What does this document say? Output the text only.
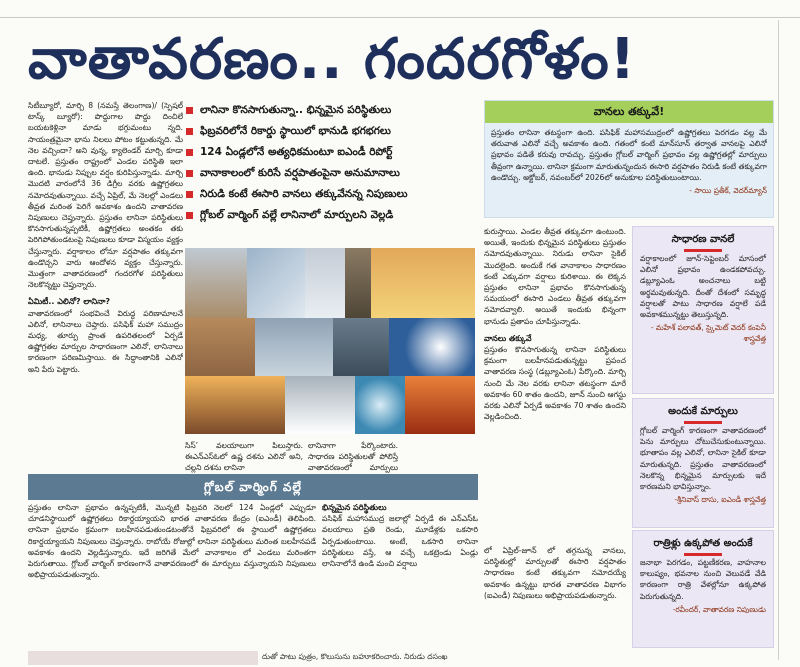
వాతావరణం.. గందరగోళం!
సిటీబ్యూరో, మార్చి 8 (నమస్తే తెలంగాణ)/ (స్పెషల్ టాస్క్ బ్యూరో): పొద్దుగాల పొద్దు దించిలే బయటకెళ్లినా మాడు భగ్గుమంటు న్నది. సాయంత్రమైనా భాను నిలలు పోటం కట్టుతున్నది. మే నెల వచ్చిందా? అని వున్న, క్యాలెండర్ మార్చి కూడా దాటలే. ప్రస్తుతం రాష్ట్రంలో ఎండల పరిస్థితి ఇలా ఉంది. భానుడు నిప్పుల వర్షం కురిపిస్తున్నాడు. మార్చి మొదటి వారంలోనే 36 డిగ్రీల వరకు ఉష్ణోగ్రతలు నమోదవుతున్నాయి. వచ్చే ఏప్రిల్, మే నెలల్లో ఎండలు తీవ్రత మరింత పెరిగే అవకాశం ఉందని వాతావరణ నిపుణులు చెప్తున్నారు. ప్రస్తుతం లానినా పరిస్థితులు కొనసాగుతున్నప్పటికీ, ఉష్ణోగ్రతలు అంతకం తకు పెరిగిపోతుండటంపై నిపుణులు కూడా విస్మయం వ్యక్తం చేస్తున్నారు. వర్షాకాలం లోనూ వర్షపాతం తక్కువగా ఉండొచ్చని వారు ఆందోళన వ్యక్తం చేస్తున్నారు. మొత్తంగా వాతావరణంలో గందరగోళ పరిస్థితులు నెలకొన్నట్టు చెప్తున్నారు.
ఏమిటీ.. ఎలినో? లానినా?
వాతావరణంలో సంభవించే విరుద్ధ పరిణామాలనే ఎలినో, లానినాలు చెప్తారు. పసిఫిక్ మహా సముద్రం మధ్య, తూర్పు ప్రాంత ఉపరితలంలో ఏర్పడే ఉష్ణోగ్రతల మార్పుల సాధారణంగా ఎలినో, లానినాలు కారణంగా పరిణమిస్తాయి. ఈ సిద్ధాంతానికి ఎలినో అని పేరు పెట్టారు.
లానినా కొనసాగుతున్నా.. భిన్నమైన పరిస్థితులు
ఫిబ్రవరిలోనే రికార్డు స్థాయిలో భానుడి భగభగలు
124 ఏండ్లలోనే అత్యధికమంటూ ఐఎండీ రిపోర్ట్
వానాకాలంలో కురిసే వర్షపాతంపైనా అనుమానాలు
నిరుడి కంటే ఈసారి వానలు తక్కువేనన్న నిపుణులు
గ్లోబల్ వార్మింగ్ వల్లే లానినాలో మార్పులని వెల్లడి
సిస్’ వలయాలుగా పిలుస్తారు. ఈఎన్ఎస్ఓలో ఉష్ణ దశను ఎలినో అని, చల్లని దశను లానినా
లానినాగా పేర్కొంటారు. సాధారణ పరిస్థితులతో పోలిస్తే వాతావరణంలో మార్పులు
వానలు తక్కువే!
ప్రస్తుతం లానినా తటస్థంగా ఉంది. పసిఫిక్ మహాసముద్రంలో ఉష్ణోగ్రతలు పెరగడం వల్ల మే తరువాత ఎలినో వచ్చే అవకాశం ఉంది. గతంలో కంటే మాన్‌సూన్ తర్వాత వానలపై ఎలినో ప్రభావం పడితే కరువు రావచ్చు. ప్రస్తుతం గ్లోబల్ వార్మింగ్ ప్రభావం వల్ల ఉష్ణోగ్రతల్లో మార్పులు తీవ్రంగా ఉన్నాయి. లానినా క్రమంగా మారుతున్నందున ఈసారి వర్షపాతం నిరుడి కంటే తక్కువగా ఉండొచ్చు. అక్టోబర్, నవంబర్‌లో 2026లో అనుకూల పరిస్థితులుంటాయి.
- సాయి ప్రతీక్, వెదర్‌మ్యాన్
కురుస్తాయి. ఎండల తీవ్రత తక్కువగా ఉంటుంది. అయితే, ఇందుకు భిన్నమైన పరిస్థితులు ప్రస్తుతం నమోదవుతున్నాయి. నిరుడు లానినా సైకిల్ మొదలైంది. అందుకే గత వానాకాలం సాధారణం కంటే ఎక్కువగా వర్షాలు కురిశాయి. ఈ లెక్కన ప్రస్తుతం లానినా ప్రభావం కొనసాగుతున్న సమయంలో ఈసారి ఎండలు తీవ్రత తక్కువగా నమోదవ్వాలి. అయితే ఇందుకు భిన్నంగా భానుడు ప్రతాపం చూపిస్తున్నాడు.
వానలు తక్కువే
ప్రస్తుతం కొనసాగుతున్న లానినా పరిస్థితులు క్రమంగా బలహీనపడుతున్నట్టు ప్రపంచ వాతావరణ సంస్థ (డబ్ల్యూఎంఓ) పేర్కొంది. మార్చి నుంచి మే నెల వరకు లానినా తటస్థంగా మారే అవకాశం 60 శాతం ఉందని, జూన్ నుంచి ఆగస్టు వరకు ఎలినో ఏర్పడే అవకాశం 70 శాతం ఉందని వెల్లడించింది.
లో ఏప్రిల్-జూన్ లో తగ్గనున్న వానలు, పరిస్థితుల్లో మార్పులతో ఈసారి వర్షపాతం సాధారణం కంటే తక్కువగా నమోదయ్యే అవకాశం ఉన్నట్టు భారత వాతావరణ విభాగం (ఐఎండీ) నిపుణులు అభిప్రాయపడుతున్నారు.
సాధారణ వానలే
వర్షాకాలంలో జూన్-సెప్టెంబర్ మాసంలో ఎలినో ప్రభావం ఉండకపోవచ్చు. డబ్ల్యూఎంఓ అంచనాలు బట్టి అర్థమవుతున్నది. దీంతో దేశంలో సమృద్ధ వర్షాలతో పాటు సాధారణ వర్షాలే పడే అవకాశమున్నట్టు తెలుస్తున్నది.
- మహేశ్ పలావత్, స్కైమెట్ వెదర్ కంపెనీ శాస్త్రవేత్త
అందుకే మార్పులు
గ్లోబల్ వార్మింగ్ కారణంగా వాతావరణంలో పెను మార్పులు చోటుచేసుకుంటున్నాయి. భూతాపం వల్ల ఎలినో, లానినా సైకిల్ కూడా మారుతున్నది. ప్రస్తుతం వాతావరణంలో నెలకొన్న భిన్నమైన మార్పులకు ఇదే కారణమని భావిస్తున్నాం.
-శ్రీనివాస్ దాసు, ఐఎండీ శాస్త్రవేత్త
రాత్రిళ్లు ఉక్కపోత అందుకే
జనాభా పెరగడం, పట్టణీకరణ, వాహనాల కాలుష్యం, భవనాల నుంచి వెలువడే వేడి కారణంగా రాత్రి వేళల్లోనూ ఉక్కపోత పెరుగుతున్నది.
-రవీందర్, వాతావరణ నిపుణుడు
గ్లోబల్ వార్మింగ్ వల్లే
ప్రస్తుతం లానినా ప్రభావం ఉన్నప్పటికీ, మొన్నటి ఫిబ్రవరి నెలలో 124 ఏండ్లలో ఎప్పుడూ చూడనిస్థాయిలో ఉష్ణోగ్రతలు రికార్డయ్యాయని భారత వాతావరణ కేంద్రం (ఐఎండీ) తెలిపింది. లానినా ప్రభావం క్రమంగా బలహీనపడుతుండటంతోనే ఫిబ్రవరిలో ఈ స్థాయిలో ఉష్ణోగ్రతలు రికార్డయ్యాయని నిపుణులు చెప్తున్నారు. రాబోయే రోజుల్లో లానినా పరిస్థితులు మరింత బలహీనపడే అవకాశం ఉందని వెల్లడిస్తున్నారు. ఇదే జరిగితే మేలో వానాకాలం లో ఎండలు మరింతగా పెరుగుతాయి. గ్లోబల్ వార్మింగ్ కారణంగానే వాతావరణంలో ఈ మార్పులు వస్తున్నాయని నిపుణులు అభిప్రాయపడుతున్నారు.
భిన్నమైన పరిస్థితులు
పసిఫిక్ మహాసముద్ర జలాల్లో ఏర్పడే ఈ ఎన్ఎస్ఓ వలయాలు ప్రతి రెండు, మూడేళ్లకు ఒకసారి ఏర్పడుతుంటాయి. అంటే, ఒకసారి లానినా పరిస్థితులు వస్తే, ఆ వచ్చే ఒకట్రెండు ఏండ్లు లానినాలోనే ఉండి మంచి వర్షాలు
దుతో పాటు పుత్రం, కొలుసును బహూకరించారు. నిరుడు దసంఖ
